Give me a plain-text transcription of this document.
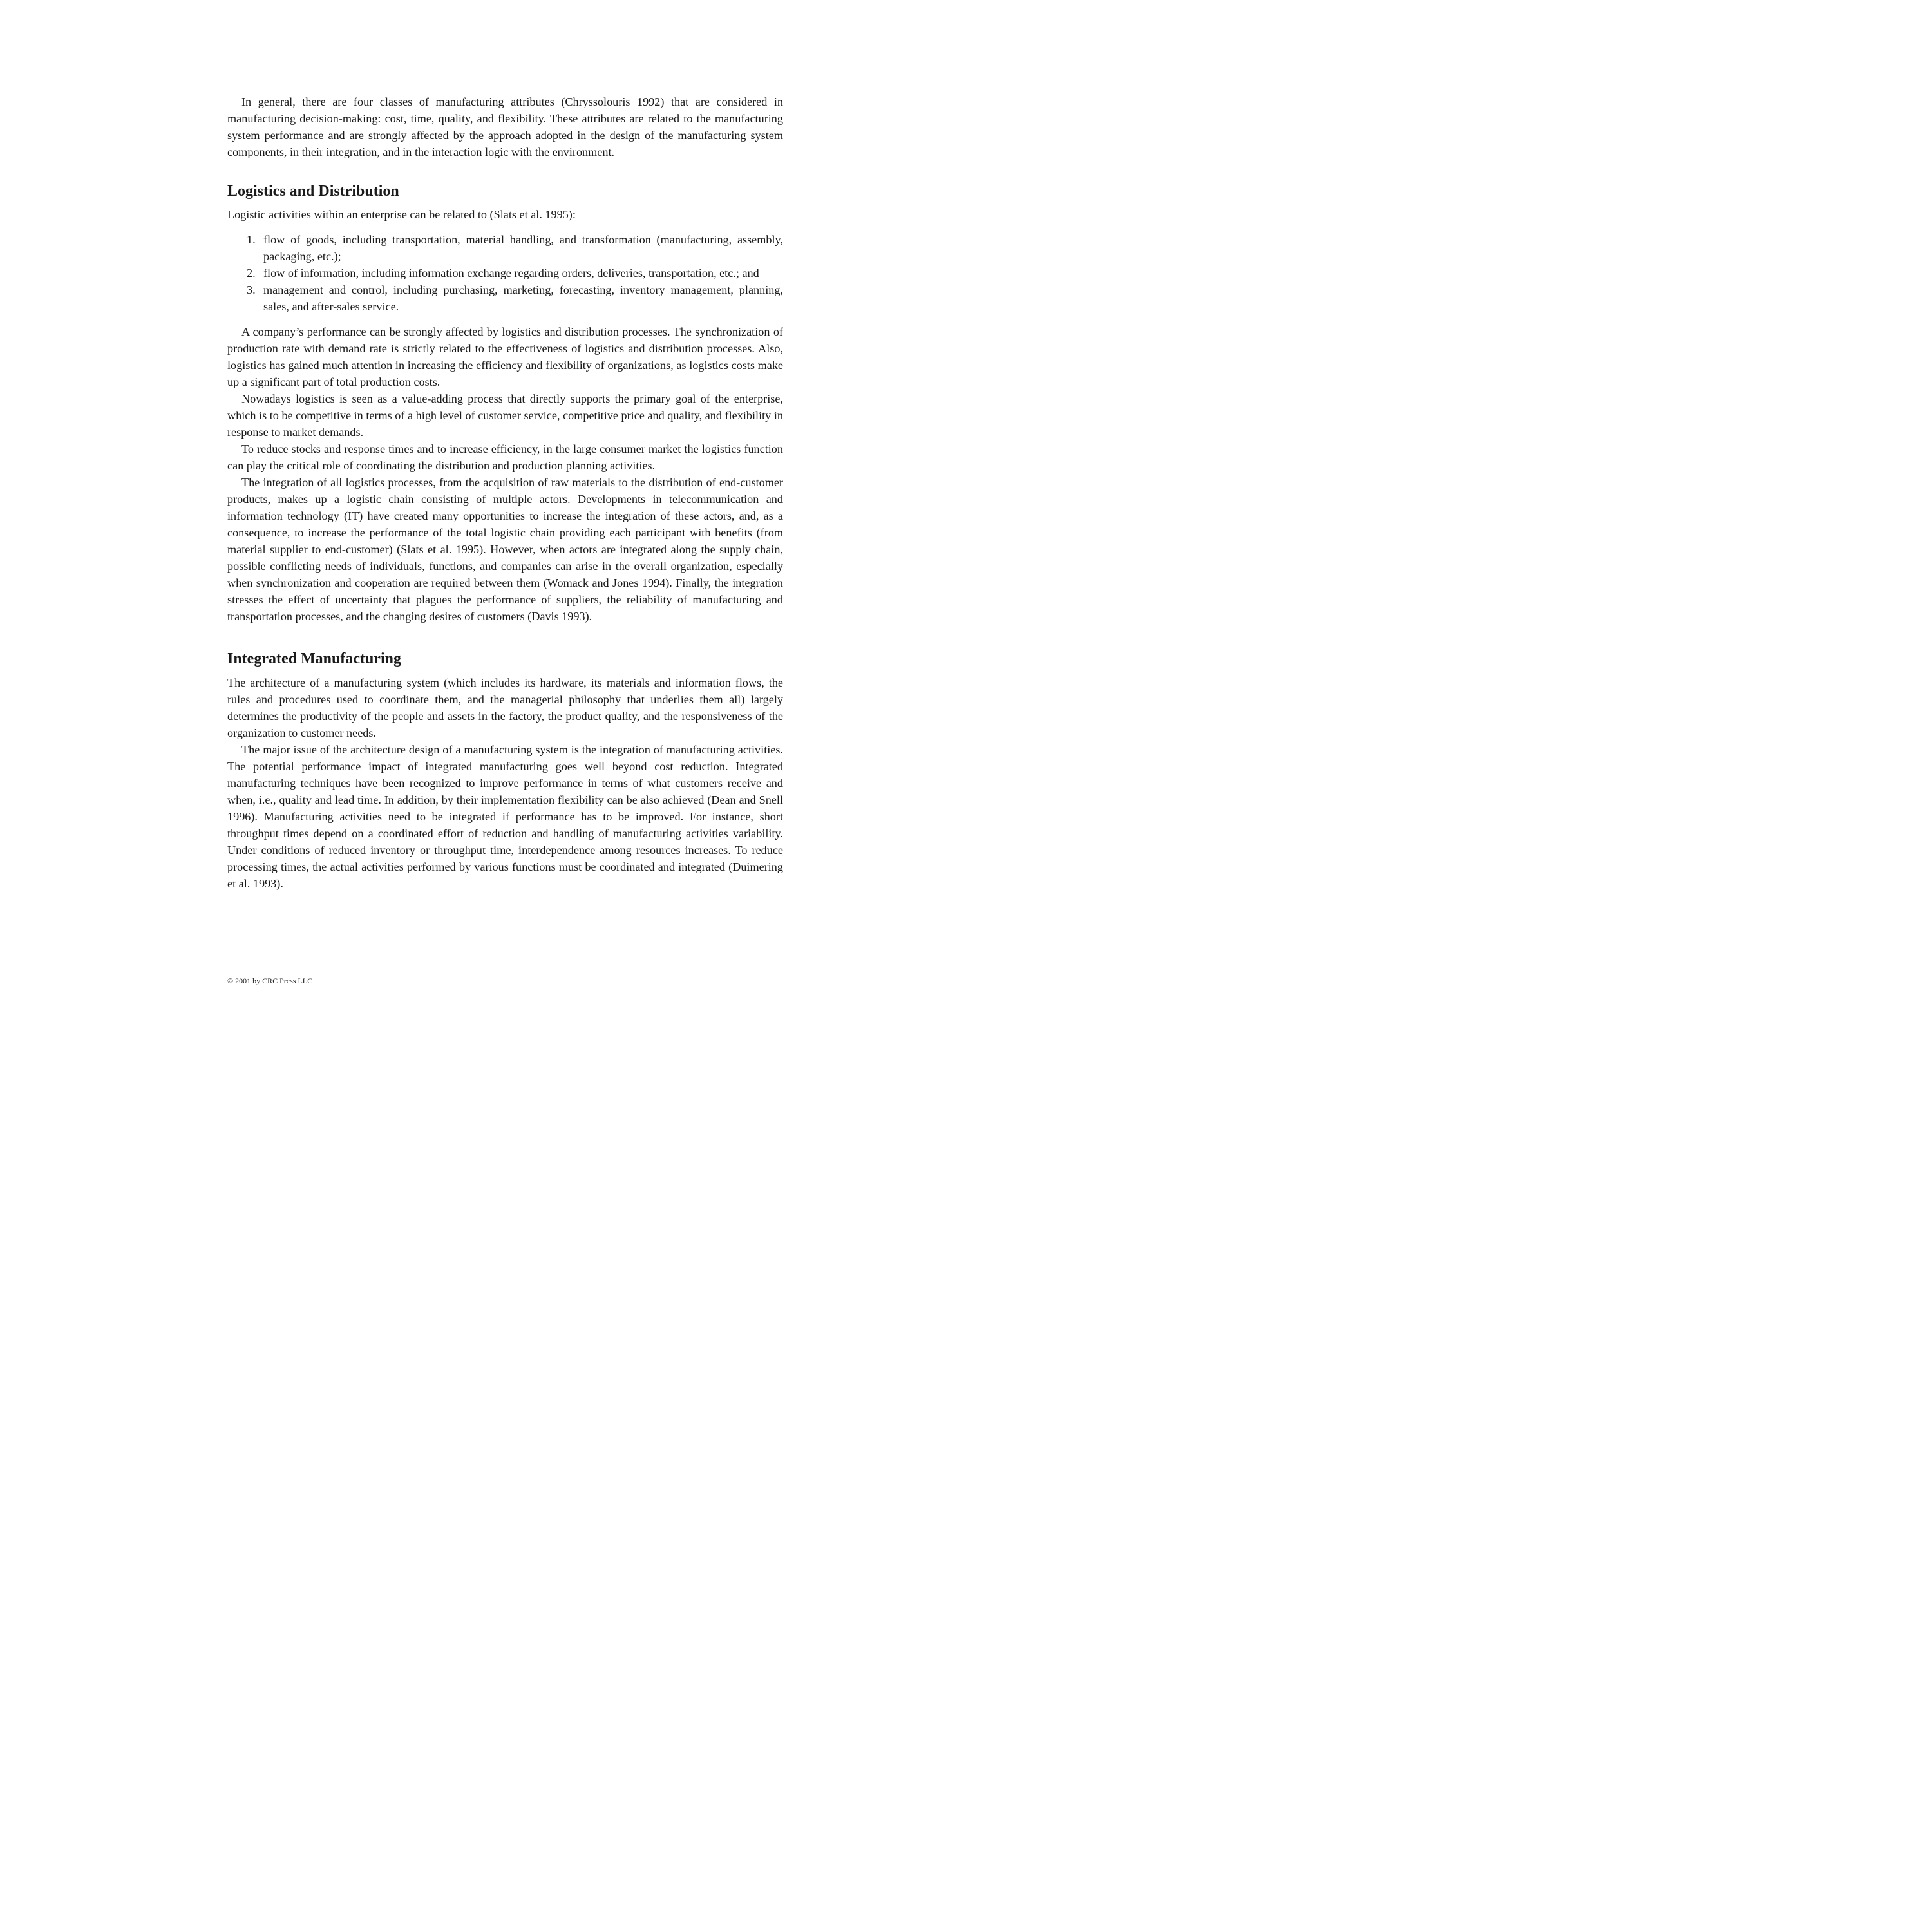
In general, there are four classes of manufacturing attributes (Chryssolouris 1992) that are considered in manufacturing decision-making: cost, time, quality, and flexibility. These attributes are related to the manufacturing system performance and are strongly affected by the approach adopted in the design of the manufacturing system components, in their integration, and in the interaction logic with the environment.

Logistics and Distribution

Logistic activities within an enterprise can be related to (Slats et al. 1995):

1. flow of goods, including transportation, material handling, and transformation (manufacturing, assembly, packaging, etc.);
2. flow of information, including information exchange regarding orders, deliveries, transportation, etc.; and
3. management and control, including purchasing, marketing, forecasting, inventory management, planning, sales, and after-sales service.

A company’s performance can be strongly affected by logistics and distribution processes. The synchronization of production rate with demand rate is strictly related to the effectiveness of logistics and distribution processes. Also, logistics has gained much attention in increasing the efficiency and flexibility of organizations, as logistics costs make up a significant part of total production costs.

Nowadays logistics is seen as a value-adding process that directly supports the primary goal of the enterprise, which is to be competitive in terms of a high level of customer service, competitive price and quality, and flexibility in response to market demands.

To reduce stocks and response times and to increase efficiency, in the large consumer market the logistics function can play the critical role of coordinating the distribution and production planning activities.

The integration of all logistics processes, from the acquisition of raw materials to the distribution of end-customer products, makes up a logistic chain consisting of multiple actors. Developments in telecommunication and information technology (IT) have created many opportunities to increase the integration of these actors, and, as a consequence, to increase the performance of the total logistic chain providing each participant with benefits (from material supplier to end-customer) (Slats et al. 1995). However, when actors are integrated along the supply chain, possible conflicting needs of individuals, functions, and companies can arise in the overall organization, especially when synchronization and cooperation are required between them (Womack and Jones 1994). Finally, the integration stresses the effect of uncertainty that plagues the performance of suppliers, the reliability of manufacturing and transportation processes, and the changing desires of customers (Davis 1993).

Integrated Manufacturing

The architecture of a manufacturing system (which includes its hardware, its materials and information flows, the rules and procedures used to coordinate them, and the managerial philosophy that underlies them all) largely determines the productivity of the people and assets in the factory, the product quality, and the responsiveness of the organization to customer needs.

The major issue of the architecture design of a manufacturing system is the integration of manufacturing activities. The potential performance impact of integrated manufacturing goes well beyond cost reduction. Integrated manufacturing techniques have been recognized to improve performance in terms of what customers receive and when, i.e., quality and lead time. In addition, by their implementation flexibility can be also achieved (Dean and Snell 1996). Manufacturing activities need to be integrated if performance has to be improved. For instance, short throughput times depend on a coordinated effort of reduction and handling of manufacturing activities variability. Under conditions of reduced inventory or throughput time, interdependence among resources increases. To reduce processing times, the actual activities performed by various functions must be coordinated and integrated (Duimering et al. 1993).

© 2001 by CRC Press LLC
